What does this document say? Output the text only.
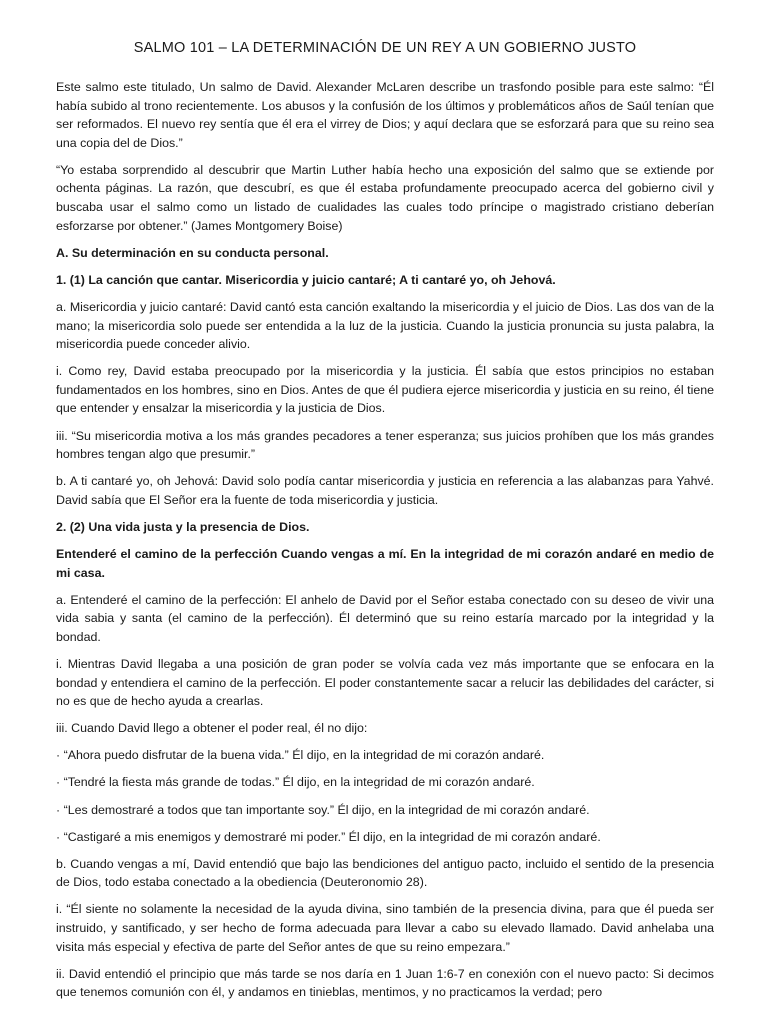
SALMO 101 – LA DETERMINACIÓN DE UN REY A UN GOBIERNO JUSTO

Este salmo este titulado, Un salmo de David. Alexander McLaren describe un trasfondo posible para este salmo: “Él había subido al trono recientemente. Los abusos y la confusión de los últimos y problemáticos años de Saúl tenían que ser reformados. El nuevo rey sentía que él era el virrey de Dios; y aquí declara que se esforzará para que su reino sea una copia del de Dios.”

“Yo estaba sorprendido al descubrir que Martin Luther había hecho una exposición del salmo que se extiende por ochenta páginas. La razón, que descubrí, es que él estaba profundamente preocupado acerca del gobierno civil y buscaba usar el salmo como un listado de cualidades las cuales todo príncipe o magistrado cristiano deberían esforzarse por obtener.” (James Montgomery Boise)

A. Su determinación en su conducta personal.

1. (1) La canción que cantar. Misericordia y juicio cantaré; A ti cantaré yo, oh Jehová.

a. Misericordia y juicio cantaré: David cantó esta canción exaltando la misericordia y el juicio de Dios. Las dos van de la mano; la misericordia solo puede ser entendida a la luz de la justicia. Cuando la justicia pronuncia su justa palabra, la misericordia puede conceder alivio.

i. Como rey, David estaba preocupado por la misericordia y la justicia. Él sabía que estos principios no estaban fundamentados en los hombres, sino en Dios. Antes de que él pudiera ejerce misericordia y justicia en su reino, él tiene que entender y ensalzar la misericordia y la justicia de Dios.

iii. “Su misericordia motiva a los más grandes pecadores a tener esperanza; sus juicios prohíben que los más grandes hombres tengan algo que presumir.”

b. A ti cantaré yo, oh Jehová: David solo podía cantar misericordia y justicia en referencia a las alabanzas para Yahvé. David sabía que El Señor era la fuente de toda misericordia y justicia.

2. (2) Una vida justa y la presencia de Dios.

Entenderé el camino de la perfección Cuando vengas a mí. En la integridad de mi corazón andaré en medio de mi casa.

a. Entenderé el camino de la perfección: El anhelo de David por el Señor estaba conectado con su deseo de vivir una vida sabia y santa (el camino de la perfección). Él determinó que su reino estaría marcado por la integridad y la bondad.

i. Mientras David llegaba a una posición de gran poder se volvía cada vez más importante que se enfocara en la bondad y entendiera el camino de la perfección. El poder constantemente sacar a relucir las debilidades del carácter, si no es que de hecho ayuda a crearlas.

iii. Cuando David llego a obtener el poder real, él no dijo:

· “Ahora puedo disfrutar de la buena vida.” Él dijo, en la integridad de mi corazón andaré.

· “Tendré la fiesta más grande de todas.” Él dijo, en la integridad de mi corazón andaré.

· “Les demostraré a todos que tan importante soy.” Él dijo, en la integridad de mi corazón andaré.

· “Castigaré a mis enemigos y demostraré mi poder.” Él dijo, en la integridad de mi corazón andaré.

b. Cuando vengas a mí, David entendió que bajo las bendiciones del antiguo pacto, incluido el sentido de la presencia de Dios, todo estaba conectado a la obediencia (Deuteronomio 28).

i. “Él siente no solamente la necesidad de la ayuda divina, sino también de la presencia divina, para que él pueda ser instruido, y santificado, y ser hecho de forma adecuada para llevar a cabo su elevado llamado. David anhelaba una visita más especial y efectiva de parte del Señor antes de que su reino empezara.”

ii. David entendió el principio que más tarde se nos daría en 1 Juan 1:6-7 en conexión con el nuevo pacto: Si decimos que tenemos comunión con él, y andamos en tinieblas, mentimos, y no practicamos la verdad; pero
